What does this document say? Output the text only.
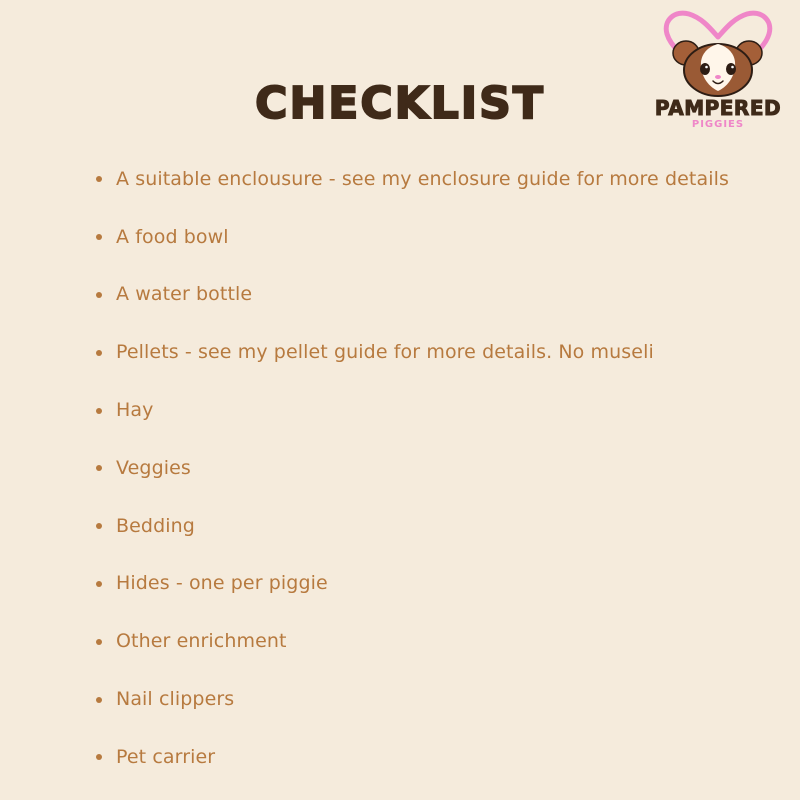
CHECKLIST	PAMPERED
PIGGIES
A suitable enclousure - see my enclosure guide for more details
A food bowl
A water bottle
Pellets - see my pellet guide for more details. No museli
Hay
Veggies
Bedding
Hides - one per piggie
Other enrichment
Nail clippers
Pet carrier
